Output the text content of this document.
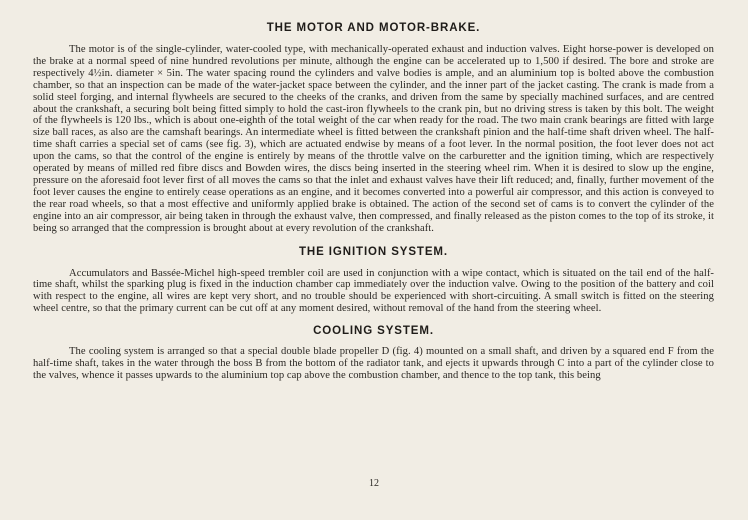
THE MOTOR AND MOTOR-BRAKE.

The motor is of the single-cylinder, water-cooled type, with mechanically-operated exhaust and induction valves. Eight horse-power is developed on the brake at a normal speed of nine hundred revolutions per minute, although the engine can be accelerated up to 1,500 if desired. The bore and stroke are respectively 4½in. diameter × 5in. The water spacing round the cylinders and valve bodies is ample, and an aluminium top is bolted above the combustion chamber, so that an inspection can be made of the water-jacket space between the cylinder, and the inner part of the jacket casting. The crank is made from a solid steel forging, and internal flywheels are secured to the cheeks of the cranks, and driven from the same by specially machined surfaces, and are centred about the crankshaft, a securing bolt being fitted simply to hold the cast-iron flywheels to the crank pin, but no driving stress is taken by this bolt. The weight of the flywheels is 120 lbs., which is about one-eighth of the total weight of the car when ready for the road. The two main crank bearings are fitted with large size ball races, as also are the camshaft bearings. An intermediate wheel is fitted between the crankshaft pinion and the half-time shaft driven wheel. The half-time shaft carries a special set of cams (see fig. 3), which are actuated endwise by means of a foot lever. In the normal position, the foot lever does not act upon the cams, so that the control of the engine is entirely by means of the throttle valve on the carburetter and the ignition timing, which are respectively operated by means of milled red fibre discs and Bowden wires, the discs being inserted in the steering wheel rim. When it is desired to slow up the engine, pressure on the aforesaid foot lever first of all moves the cams so that the inlet and exhaust valves have their lift reduced; and, finally, further movement of the foot lever causes the engine to entirely cease operations as an engine, and it becomes converted into a powerful air compressor, and this action is conveyed to the rear road wheels, so that a most effective and uniformly applied brake is obtained. The action of the second set of cams is to convert the cylinder of the engine into an air compressor, air being taken in through the exhaust valve, then compressed, and finally released as the piston comes to the top of its stroke, it being so arranged that the compression is brought about at every revolution of the crankshaft.

THE IGNITION SYSTEM.

Accumulators and Bassée-Michel high-speed trembler coil are used in conjunction with a wipe contact, which is situated on the tail end of the half-time shaft, whilst the sparking plug is fixed in the induction chamber cap immediately over the induction valve. Owing to the position of the battery and coil with respect to the engine, all wires are kept very short, and no trouble should be experienced with short-circuiting. A small switch is fitted on the steering wheel centre, so that the primary current can be cut off at any moment desired, without removal of the hand from the steering wheel.

COOLING SYSTEM.

The cooling system is arranged so that a special double blade propeller D (fig. 4) mounted on a small shaft, and driven by a squared end F from the half-time shaft, takes in the water through the boss B from the bottom of the radiator tank, and ejects it upwards through C into a part of the cylinder close to the valves, whence it passes upwards to the aluminium top cap above the combustion chamber, and thence to the top tank, this being

12
